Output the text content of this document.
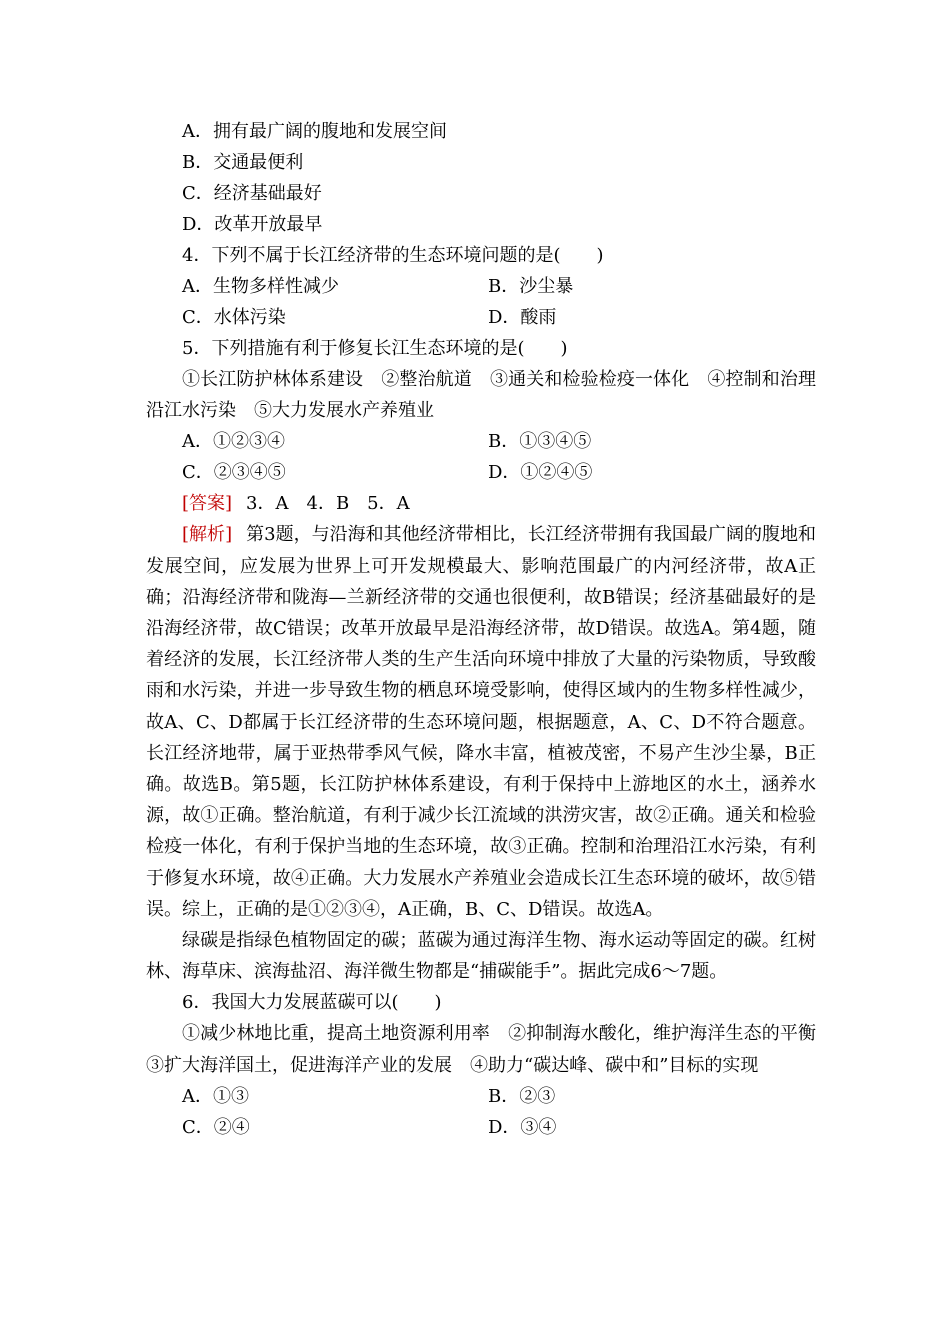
A．拥有最广阔的腹地和发展空间
B．交通最便利
C．经济基础最好
D．改革开放最早
4．下列不属于长江经济带的生态环境问题的是(　　)
A．生物多样性减少	B．沙尘暴
C．水体污染	D．酸雨
5．下列措施有利于修复长江生态环境的是(　　)
①长江防护林体系建设　②整治航道　③通关和检验检疫一体化　④控制和治理沿江水污染　⑤大力发展水产养殖业
A．①②③④	B．①③④⑤
C．②③④⑤	D．①②④⑤
[答案] 3．A　4．B　5．A
[解析] 第3题，与沿海和其他经济带相比，长江经济带拥有我国最广阔的腹地和发展空间，应发展为世界上可开发规模最大、影响范围最广的内河经济带，故A正确；沿海经济带和陇海—兰新经济带的交通也很便利，故B错误；经济基础最好的是沿海经济带，故C错误；改革开放最早是沿海经济带，故D错误。故选A。第4题，随着经济的发展，长江经济带人类的生产生活向环境中排放了大量的污染物质，导致酸雨和水污染，并进一步导致生物的栖息环境受影响，使得区域内的生物多样性减少，故A、C、D都属于长江经济带的生态环境问题，根据题意，A、C、D不符合题意。长江经济地带，属于亚热带季风气候，降水丰富，植被茂密，不易产生沙尘暴，B正确。故选B。第5题，长江防护林体系建设，有利于保持中上游地区的水土，涵养水源，故①正确。整治航道，有利于减少长江流域的洪涝灾害，故②正确。通关和检验检疫一体化，有利于保护当地的生态环境，故③正确。控制和治理沿江水污染，有利于修复水环境，故④正确。大力发展水产养殖业会造成长江生态环境的破坏，故⑤错误。综上，正确的是①②③④，A正确，B、C、D错误。故选A。
绿碳是指绿色植物固定的碳；蓝碳为通过海洋生物、海水运动等固定的碳。红树林、海草床、滨海盐沼、海洋微生物都是“捕碳能手”。据此完成6～7题。
6．我国大力发展蓝碳可以(　　)
①减少林地比重，提高土地资源利用率　②抑制海水酸化，维护海洋生态的平衡　③扩大海洋国土，促进海洋产业的发展　④助力“碳达峰、碳中和”目标的实现
A．①③	B．②③
C．②④	D．③④
